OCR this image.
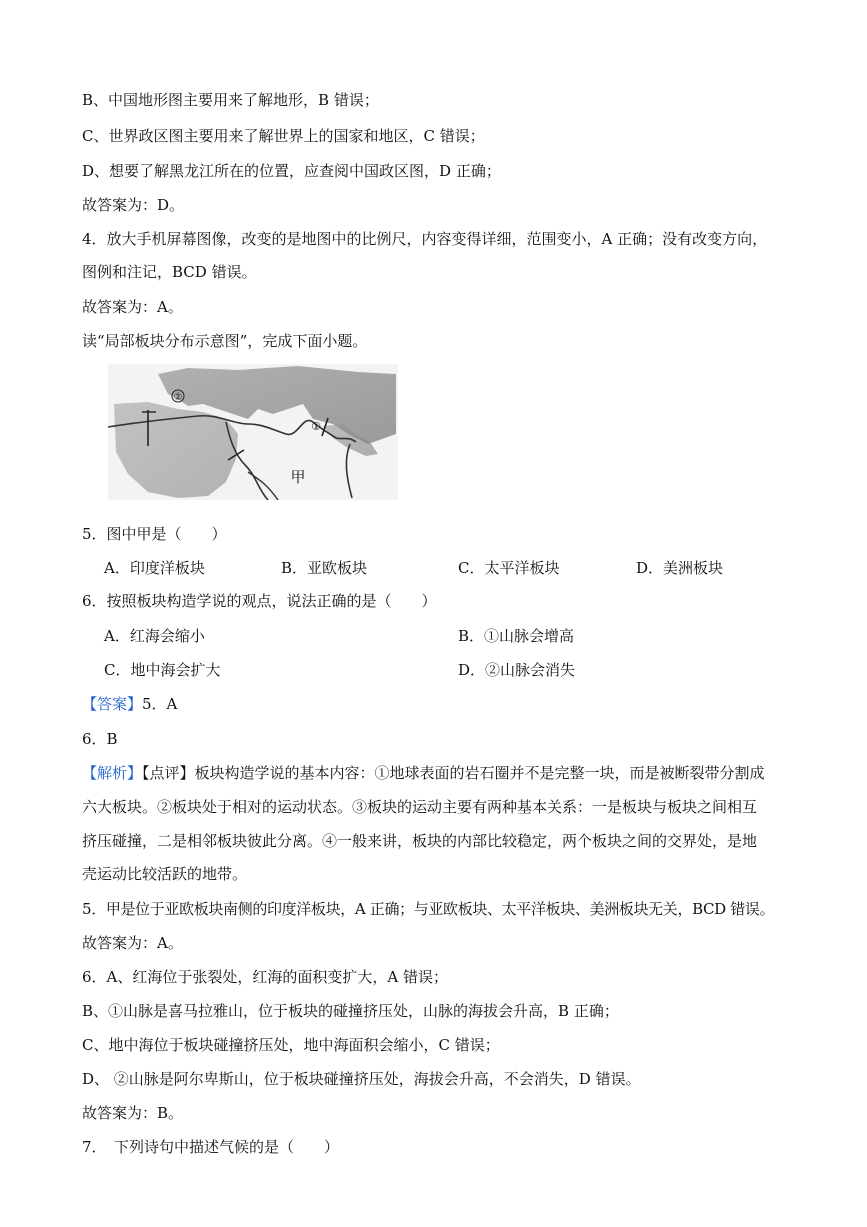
B、中国地形图主要用来了解地形，B 错误；
C、世界政区图主要用来了解世界上的国家和地区，C 错误；
D、想要了解黑龙江所在的位置，应查阅中国政区图，D 正确；
故答案为：D。
4．放大手机屏幕图像，改变的是地图中的比例尺，内容变得详细，范围变小，A 正确；没有改变方向，
图例和注记，BCD 错误。
故答案为：A。
读“局部板块分布示意图”，完成下面小题。
②
①
甲
5．图中甲是（　　）
A．印度洋板块	B．亚欧板块	C．太平洋板块	D．美洲板块
6．按照板块构造学说的观点，说法正确的是（　　）
A．红海会缩小	B．①山脉会增高
C．地中海会扩大	D．②山脉会消失
【答案】5．A
6．B
【解析】【点评】板块构造学说的基本内容：①地球表面的岩石圈并不是完整一块，而是被断裂带分割成
六大板块。②板块处于相对的运动状态。③板块的运动主要有两种基本关系：一是板块与板块之间相互
挤压碰撞，二是相邻板块彼此分离。④一般来讲，板块的内部比较稳定，两个板块之间的交界处，是地
壳运动比较活跃的地带。
5．甲是位于亚欧板块南侧的印度洋板块，A 正确；与亚欧板块、太平洋板块、美洲板块无关，BCD 错误。
故答案为：A。
6．A、红海位于张裂处，红海的面积变扩大，A 错误；
B、①山脉是喜马拉雅山，位于板块的碰撞挤压处，山脉的海拔会升高，B 正确；
C、地中海位于板块碰撞挤压处，地中海面积会缩小，C 错误；
D、 ②山脉是阿尔卑斯山，位于板块碰撞挤压处，海拔会升高，不会消失，D 错误。
故答案为：B。
7．　下列诗句中描述气候的是（　　）
